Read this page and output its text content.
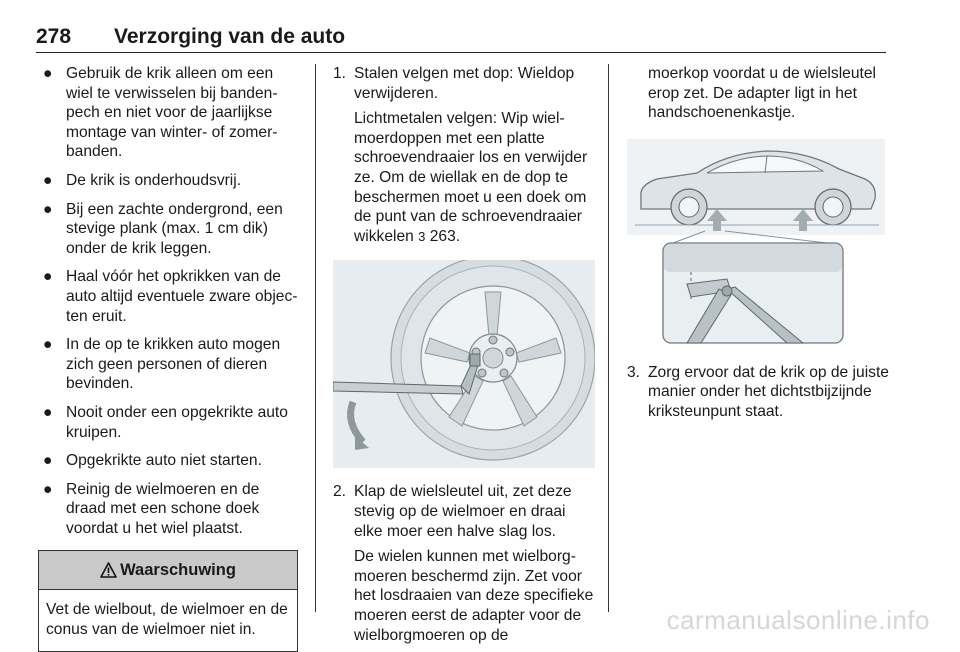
278 Verzorging van de auto
● Gebruik de krik alleen om een wiel te verwisselen bij bandenpech en niet voor de jaarlijkse montage van winter- of zomerbanden.
● De krik is onderhoudsvrij.
● Bij een zachte ondergrond, een stevige plank (max. 1 cm dik) onder de krik leggen.
● Haal vóór het opkrikken van de auto altijd eventuele zware objecten eruit.
● In de op te krikken auto mogen zich geen personen of dieren bevinden.
● Nooit onder een opgekrikte auto kruipen.
● Opgekrikte auto niet starten.
● Reinig de wielmoeren en de draad met een schone doek voordat u het wiel plaatst.
Waarschuwing
Vet de wielbout, de wielmoer en de conus van de wielmoer niet in.
1. Stalen velgen met dop: Wieldop verwijderen.
Lichtmetalen velgen: Wip wielmoerdoppen met een platte schroevendraaier los en verwijder ze. Om de wiellak en de dop te beschermen moet u een doek om de punt van de schroevendraaier wikkelen 3 263.
2. Klap de wielsleutel uit, zet deze stevig op de wielmoer en draai elke moer een halve slag los.
De wielen kunnen met wielborgmoeren beschermd zijn. Zet voor het losdraaien van deze specifieke moeren eerst de adapter voor de wielborgmoeren op de
moerkop voordat u de wielsleutel erop zet. De adapter ligt in het handschoenenkastje.
3. Zorg ervoor dat de krik op de juiste manier onder het dichtstbijzijnde kriksteunpunt staat.
carmanualsonline.info
